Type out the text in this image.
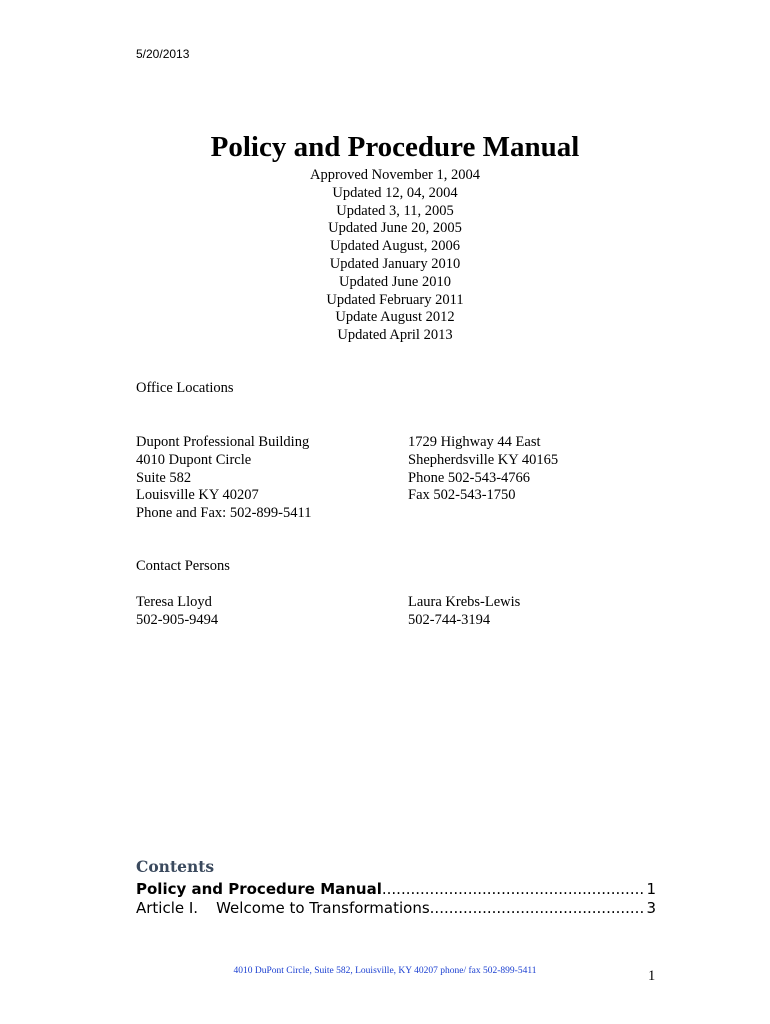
5/20/2013
Policy and Procedure Manual
Approved November 1, 2004
Updated 12, 04, 2004
Updated 3, 11, 2005
Updated June 20, 2005
Updated August, 2006
Updated January 2010
Updated June 2010
Updated February 2011
Update August 2012
Updated April 2013
Office Locations
Dupont Professional Building
4010 Dupont Circle
Suite 582
Louisville KY 40207
Phone and Fax: 502-899-5411
1729 Highway 44 East
Shepherdsville KY 40165
Phone 502-543-4766
Fax 502-543-1750
Contact Persons
Teresa Lloyd
502-905-9494
Laura Krebs-Lewis
502-744-3194
Contents
Policy and Procedure Manual .....	1
Article I. Welcome to Transformations .....	3
4010 DuPont Circle, Suite 582, Louisville, KY 40207 phone/ fax 502-899-5411	1
